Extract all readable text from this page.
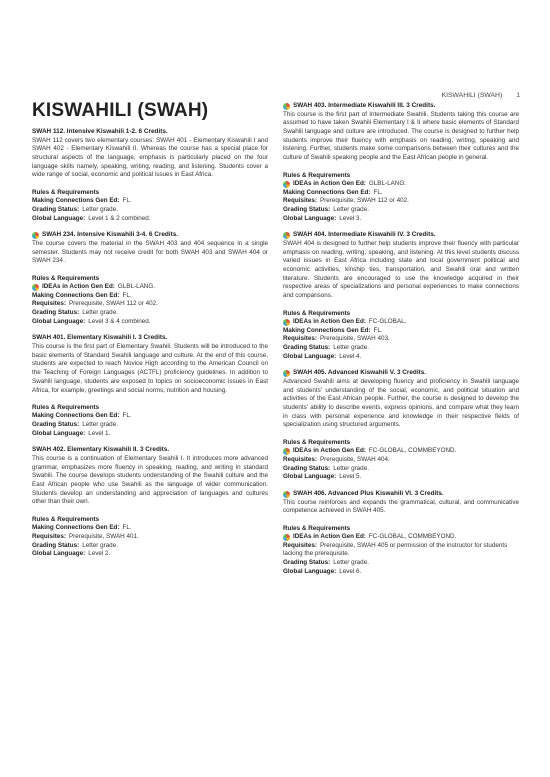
KISWAHILI (SWAH) 1
KISWAHILI (SWAH)
SWAH 112. Intensive Kiswahili 1-2. 6 Credits.
SWAH 112 covers two elementary courses: SWAH 401 - Elementary Kiswahili I and SWAH 402 - Elementary Kiswahili II. Whereas the course has a special place for structural aspects of the language, emphasis is particularly placed on the four language skills namely, speaking, writing, reading, and listening. Students cover a wide range of social, economic and political issues in East Africa.
Rules & Requirements
Making Connections Gen Ed: FL.
Grading Status: Letter grade.
Global Language: Level 1 & 2 combined.
SWAH 234. Intensive Kiswahili 3-4. 6 Credits.
The course covers the material in the SWAH 403 and 404 sequence in a single semester. Students may not receive credit for both SWAH 403 and SWAH 404 or SWAH 234 .
Rules & Requirements
IDEAs in Action Gen Ed: GLBL-LANG.
Making Connections Gen Ed: FL.
Requisites: Prerequisite, SWAH 112 or 402.
Grading Status: Letter grade.
Global Language: Level 3 & 4 combined.
SWAH 401. Elementary Kiswahili I. 3 Credits.
This course is the first part of Elementary Swahili. Students will be introduced to the basic elements of Standard Swahili language and culture. At the end of this course, students are expected to reach Novice High according to the American Council on the Teaching of Foreign Languages (ACTFL) proficiency guidelines. In addition to Swahili language, students are exposed to topics on socioeconomic issues in East Africa, for example, greetings and social norms, nutrition and housing.
Rules & Requirements
Making Connections Gen Ed: FL.
Grading Status: Letter grade.
Global Language: Level 1.
SWAH 402. Elementary Kiswahili II. 3 Credits.
This course is a continuation of Elementary Swahili I. It introduces more advanced grammar, emphasizes more fluency in speaking, reading, and writing in standard Swahili. The course develops students understanding of the Swahili culture and the East African people who use Swahili as the language of wider communication. Students develop an understanding and appreciation of languages and cultures other than their own.
Rules & Requirements
Making Connections Gen Ed: FL.
Requisites: Prerequisite, SWAH 401.
Grading Status: Letter grade.
Global Language: Level 2.
SWAH 403. Intermediate Kiswahili III. 3 Credits.
This course is the first part of Intermediate Swahili. Students taking this course are assumed to have taken Swahili Elementary I & II where basic elements of Standard Swahili language and culture are introduced. The course is designed to further help students improve their fluency with emphasis on reading, writing, speaking and listening. Further, students make some comparisons between their cultures and the culture of Swahili speaking people and the East African people in general.
Rules & Requirements
IDEAs in Action Gen Ed: GLBL-LANG.
Making Connections Gen Ed: FL.
Requisites: Prerequisite, SWAH 112 or 402.
Grading Status: Letter grade.
Global Language: Level 3.
SWAH 404. Intermediate Kiswahili IV. 3 Credits.
SWAH 404 is designed to further help students improve their fluency with particular emphasis on reading, writing, speaking, and listening. At this level students discuss varied issues in East Africa including state and local government political and economic activities, kinship ties, transportation, and Swahili oral and written literature. Students are encouraged to use the knowledge acquired in their respective areas of specializations and personal experiences to make connections and comparisons.
Rules & Requirements
IDEAs in Action Gen Ed: FC-GLOBAL.
Making Connections Gen Ed: FL.
Requisites: Prerequisite, SWAH 403.
Grading Status: Letter grade.
Global Language: Level 4.
SWAH 405. Advanced Kiswahili V. 3 Credits.
Advanced Swahili aims at developing fluency and proficiency in Swahili language and students' understanding of the social, economic, and political situation and activities of the East African people. Further, the course is designed to develop the students' ability to describe events, express opinions, and compare what they learn in class with personal experience and knowledge in their respective fields of specialization using structured arguments.
Rules & Requirements
IDEAs in Action Gen Ed: FC-GLOBAL, COMMBEYOND.
Requisites: Prerequisite, SWAH 404.
Grading Status: Letter grade.
Global Language: Level 5.
SWAH 406. Advanced Plus Kiswahili VI. 3 Credits.
This course reinforces and expands the grammatical, cultural, and communicative competence achieved in SWAH 405.
Rules & Requirements
IDEAs in Action Gen Ed: FC-GLOBAL, COMMBEYOND.
Requisites: Prerequisite, SWAH 405 or permission of the instructor for students lacking the prerequisite.
Grading Status: Letter grade.
Global Language: Level 6.
